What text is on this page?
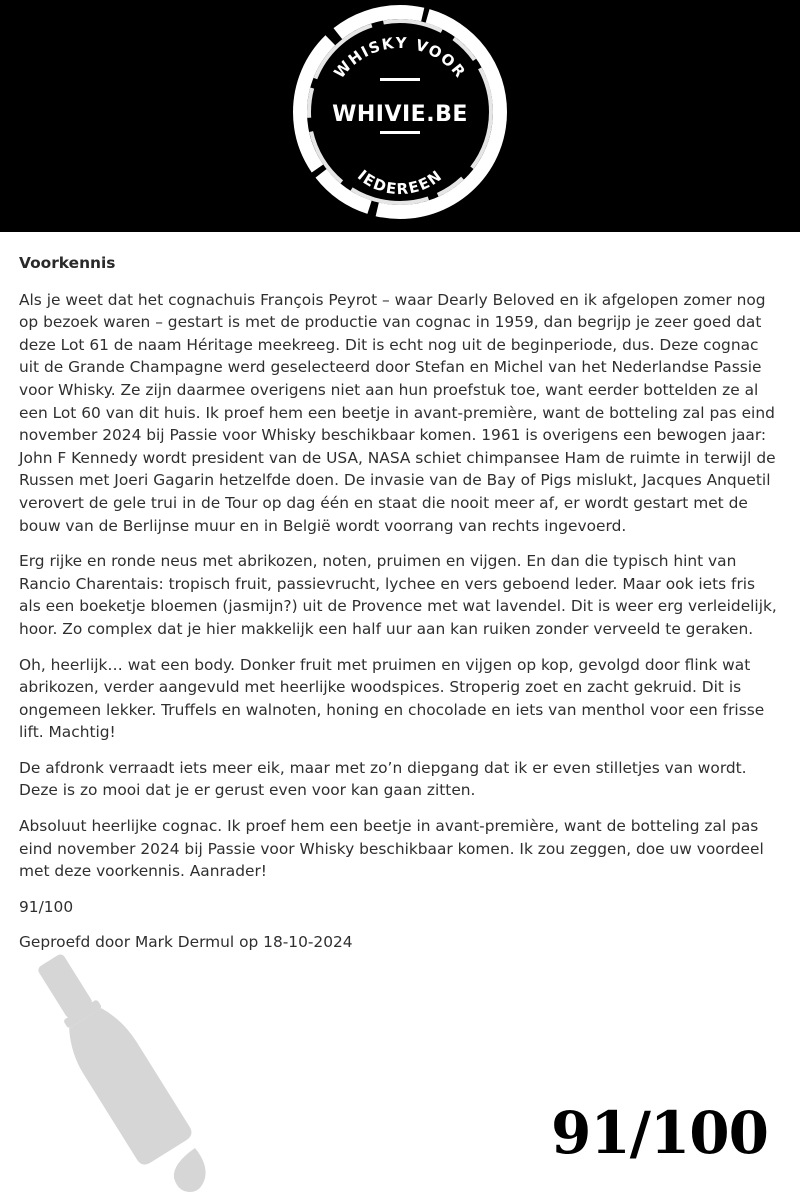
WHISKY VOOR
WHIVIE.BE
IEDEREEN
Voorkennis

Als je weet dat het cognachuis François Peyrot – waar Dearly Beloved en ik afgelopen zomer nog op bezoek waren – gestart is met de productie van cognac in 1959, dan begrijp je zeer goed dat deze Lot 61 de naam Héritage meekreeg. Dit is echt nog uit de beginperiode, dus. Deze cognac uit de Grande Champagne werd geselecteerd door Stefan en Michel van het Nederlandse Passie voor Whisky. Ze zijn daarmee overigens niet aan hun proefstuk toe, want eerder bottelden ze al een Lot 60 van dit huis. Ik proef hem een beetje in avant-première, want de botteling zal pas eind november 2024 bij Passie voor Whisky beschikbaar komen. 1961 is overigens een bewogen jaar: John F Kennedy wordt president van de USA, NASA schiet chimpansee Ham de ruimte in terwijl de Russen met Joeri Gagarin hetzelfde doen. De invasie van de Bay of Pigs mislukt, Jacques Anquetil verovert de gele trui in de Tour op dag één en staat die nooit meer af, er wordt gestart met de bouw van de Berlijnse muur en in België wordt voorrang van rechts ingevoerd.

Erg rijke en ronde neus met abrikozen, noten, pruimen en vijgen. En dan die typisch hint van Rancio Charentais: tropisch fruit, passievrucht, lychee en vers geboend leder. Maar ook iets fris als een boeketje bloemen (jasmijn?) uit de Provence met wat lavendel. Dit is weer erg verleidelijk, hoor. Zo complex dat je hier makkelijk een half uur aan kan ruiken zonder verveeld te geraken.

Oh, heerlijk… wat een body. Donker fruit met pruimen en vijgen op kop, gevolgd door flink wat abrikozen, verder aangevuld met heerlijke woodspices. Stroperig zoet en zacht gekruid. Dit is ongemeen lekker. Truffels en walnoten, honing en chocolade en iets van menthol voor een frisse lift. Machtig!

De afdronk verraadt iets meer eik, maar met zo’n diepgang dat ik er even stilletjes van wordt. Deze is zo mooi dat je er gerust even voor kan gaan zitten.

Absoluut heerlijke cognac. Ik proef hem een beetje in avant-première, want de botteling zal pas eind november 2024 bij Passie voor Whisky beschikbaar komen. Ik zou zeggen, doe uw voordeel met deze voorkennis. Aanrader!

91/100

Geproefd door Mark Dermul op 18-10-2024

91/100
